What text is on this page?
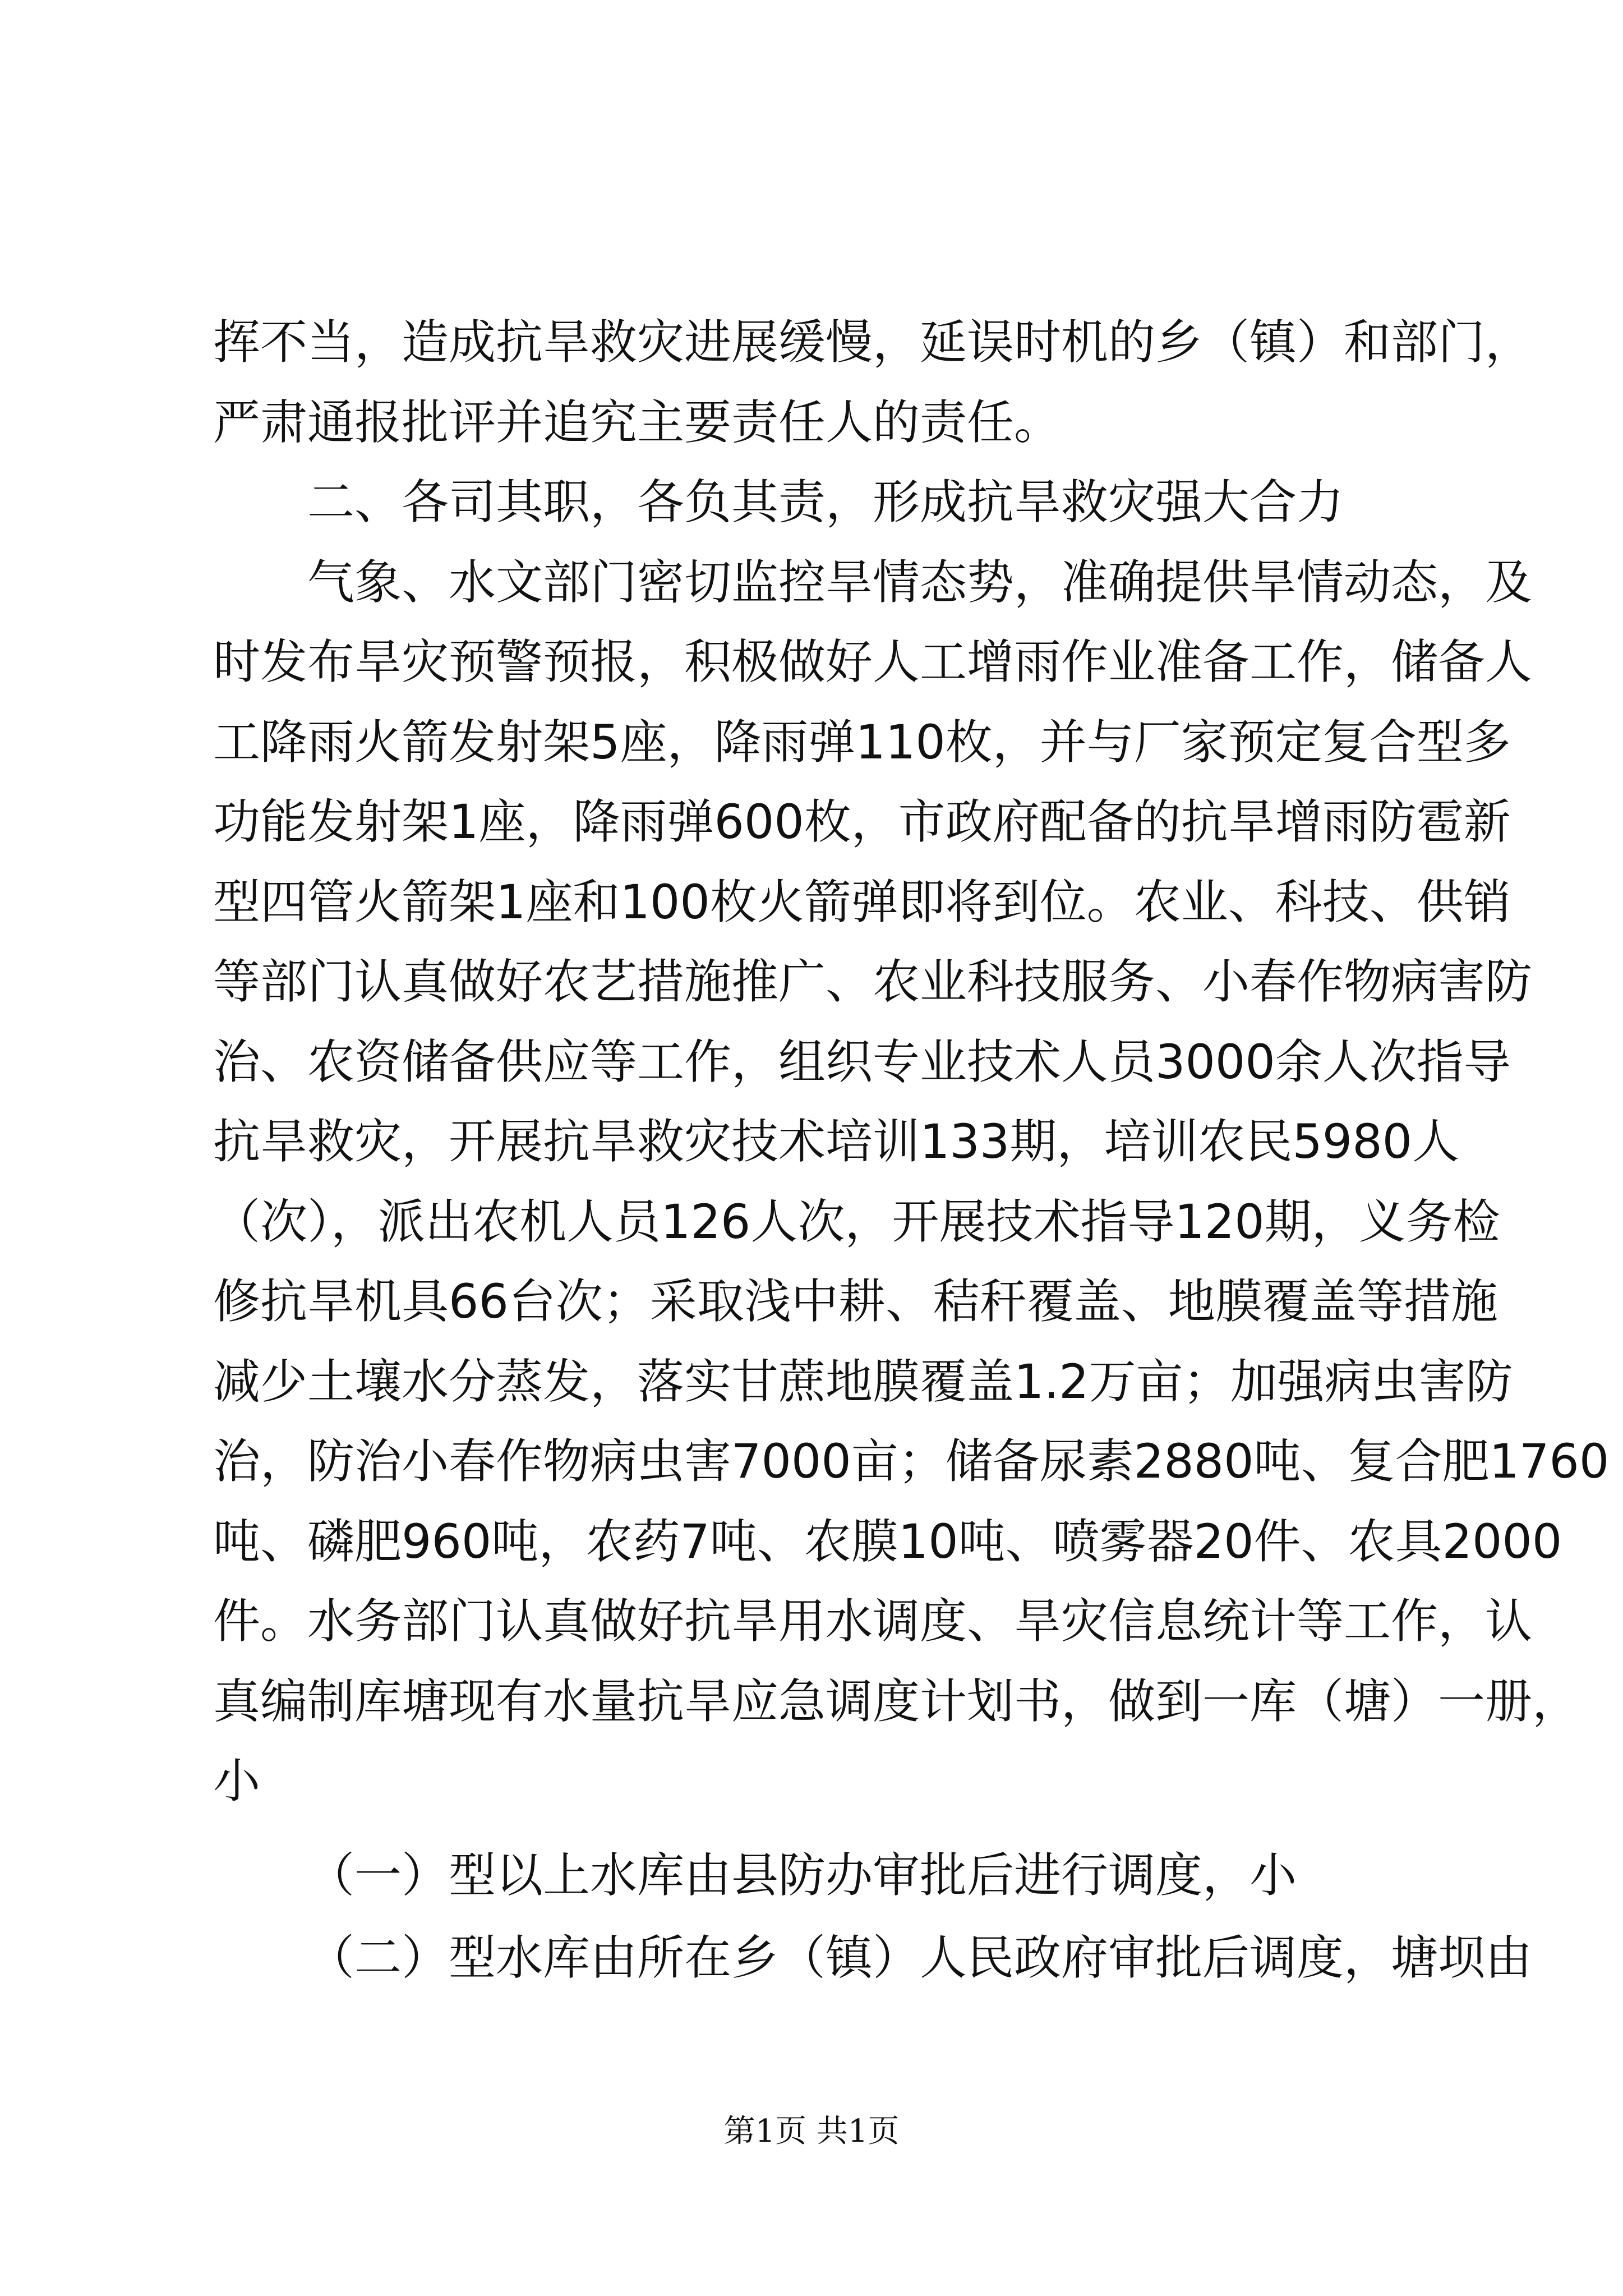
挥不当，造成抗旱救灾进展缓慢，延误时机的乡（镇）和部门，
严肃通报批评并追究主要责任人的责任。
二、各司其职，各负其责，形成抗旱救灾强大合力
气象、水文部门密切监控旱情态势，准确提供旱情动态，及
时发布旱灾预警预报，积极做好人工增雨作业准备工作，储备人
工降雨火箭发射架5座，降雨弹110枚，并与厂家预定复合型多
功能发射架1座，降雨弹600枚，市政府配备的抗旱增雨防雹新
型四管火箭架1座和100枚火箭弹即将到位。农业、科技、供销
等部门认真做好农艺措施推广、农业科技服务、小春作物病害防
治、农资储备供应等工作，组织专业技术人员3000余人次指导
抗旱救灾，开展抗旱救灾技术培训133期，培训农民5980人
（次），派出农机人员126人次，开展技术指导120期，义务检
修抗旱机具66台次；采取浅中耕、秸秆覆盖、地膜覆盖等措施
减少土壤水分蒸发，落实甘蔗地膜覆盖1.2万亩；加强病虫害防
治，防治小春作物病虫害7000亩；储备尿素2880吨、复合肥1760
吨、磷肥960吨，农药7吨、农膜10吨、喷雾器20件、农具2000
件。水务部门认真做好抗旱用水调度、旱灾信息统计等工作，认
真编制库塘现有水量抗旱应急调度计划书，做到一库（塘）一册，
小
（一）型以上水库由县防办审批后进行调度，小
（二）型水库由所在乡（镇）人民政府审批后调度，塘坝由
第1页 共1页
